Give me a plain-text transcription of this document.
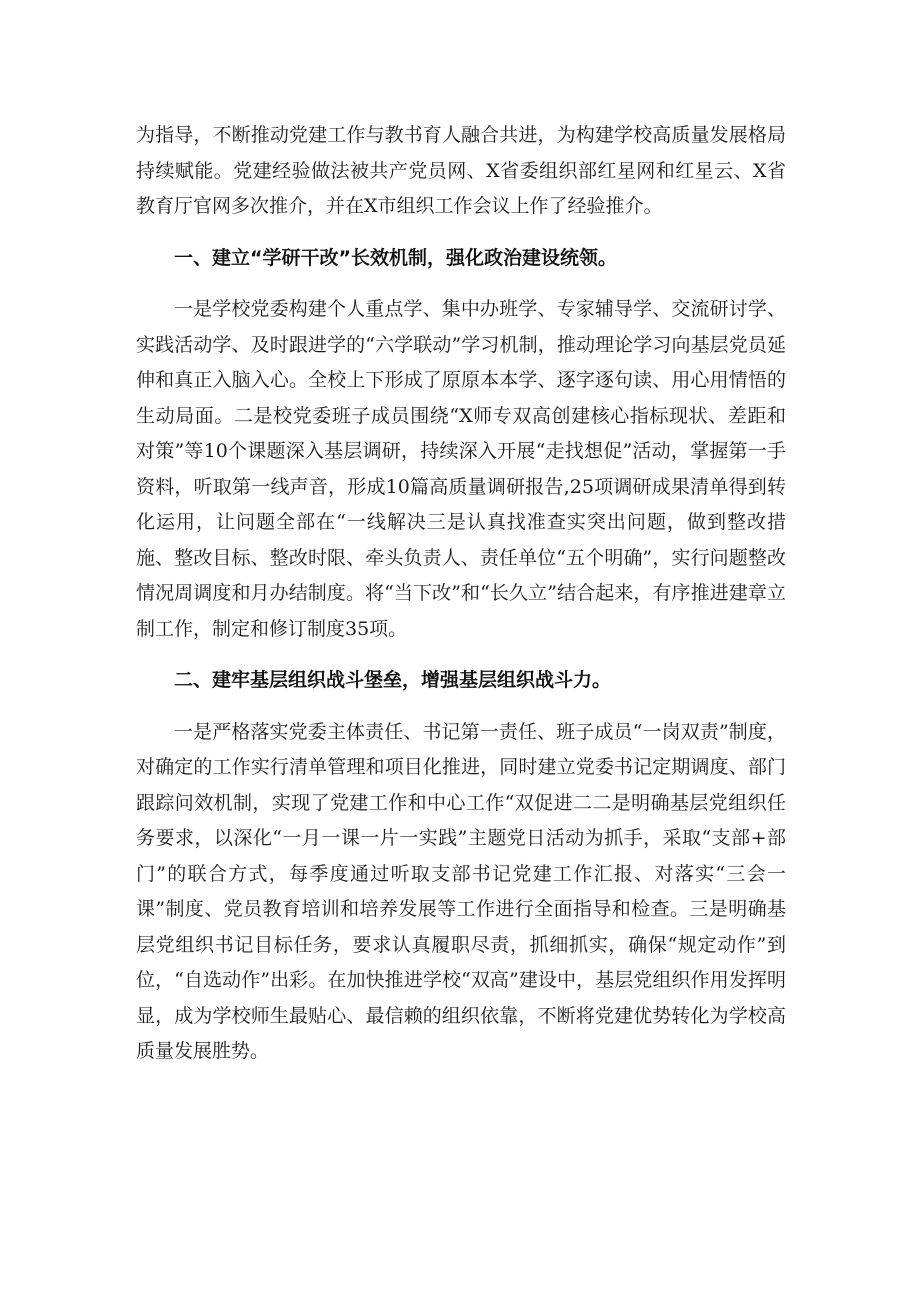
为指导，不断推动党建工作与教书育人融合共进，为构建学校高质量发展格局持续赋能。党建经验做法被共产党员网、X省委组织部红星网和红星云、X省教育厅官网多次推介，并在X市组织工作会议上作了经验推介。

一、建立“学研干改”长效机制，强化政治建设统领。

一是学校党委构建个人重点学、集中办班学、专家辅导学、交流研讨学、实践活动学、及时跟进学的“六学联动”学习机制，推动理论学习向基层党员延伸和真正入脑入心。全校上下形成了原原本本学、逐字逐句读、用心用情悟的生动局面。二是校党委班子成员围绕“X师专双高创建核心指标现状、差距和对策”等10个课题深入基层调研，持续深入开展“走找想促”活动，掌握第一手资料，听取第一线声音，形成10篇高质量调研报告,25项调研成果清单得到转化运用，让问题全部在“一线解决三是认真找准查实突出问题，做到整改措施、整改目标、整改时限、牵头负责人、责任单位“五个明确”，实行问题整改情况周调度和月办结制度。将“当下改”和“长久立”结合起来，有序推进建章立制工作，制定和修订制度35项。

二、建牢基层组织战斗堡垒，增强基层组织战斗力。

一是严格落实党委主体责任、书记第一责任、班子成员“一岗双责”制度，对确定的工作实行清单管理和项目化推进，同时建立党委书记定期调度、部门跟踪问效机制，实现了党建工作和中心工作“双促进二二是明确基层党组织任务要求，以深化“一月一课一片一实践”主题党日活动为抓手，采取“支部+部门”的联合方式，每季度通过听取支部书记党建工作汇报、对落实“三会一课”制度、党员教育培训和培养发展等工作进行全面指导和检查。三是明确基层党组织书记目标任务，要求认真履职尽责，抓细抓实，确保“规定动作”到位，“自选动作”出彩。在加快推进学校“双高”建设中，基层党组织作用发挥明显，成为学校师生最贴心、最信赖的组织依靠，不断将党建优势转化为学校高质量发展胜势。
